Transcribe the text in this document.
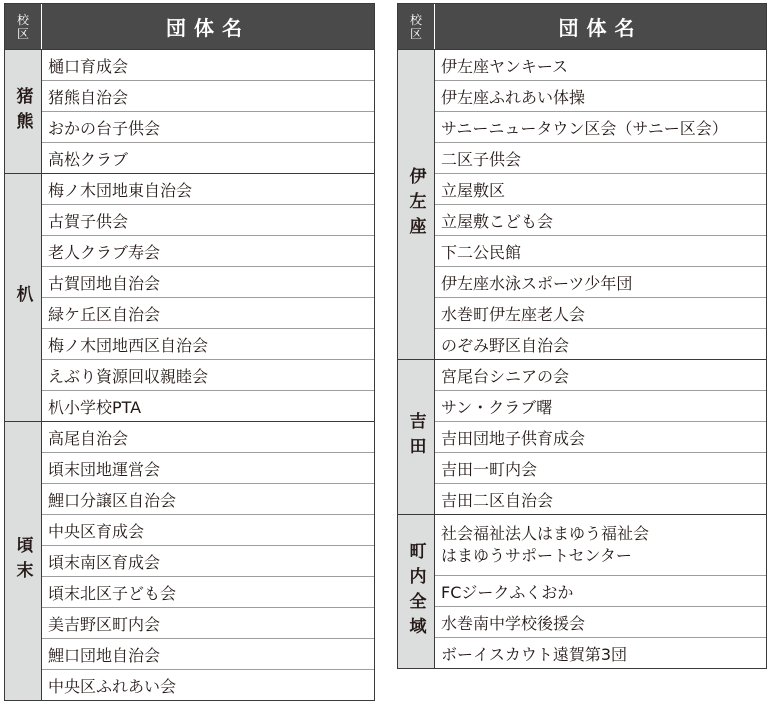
校区	団体名
猪熊
樋口育成会
猪熊自治会
おかの台子供会
高松クラブ
朳
梅ノ木団地東自治会
古賀子供会
老人クラブ寿会
古賀団地自治会
緑ケ丘区自治会
梅ノ木団地西区自治会
えぶり資源回収親睦会
朳小学校PTA
頃末
高尾自治会
頃末団地運営会
鯉口分譲区自治会
中央区育成会
頃末南区育成会
頃末北区子ども会
美吉野区町内会
鯉口団地自治会
中央区ふれあい会
校区	団体名
伊左座
伊左座ヤンキース
伊左座ふれあい体操
サニーニュータウン区会（サニー区会）
二区子供会
立屋敷区
立屋敷こども会
下二公民館
伊左座水泳スポーツ少年団
水巻町伊左座老人会
のぞみ野区自治会
吉田
宮尾台シニアの会
サン・クラブ曙
吉田団地子供育成会
吉田一町内会
吉田二区自治会
町内全域
社会福祉法人はまゆう福祉会
はまゆうサポートセンター
FCジークふくおか
水巻南中学校後援会
ボーイスカウト遠賀第3団
